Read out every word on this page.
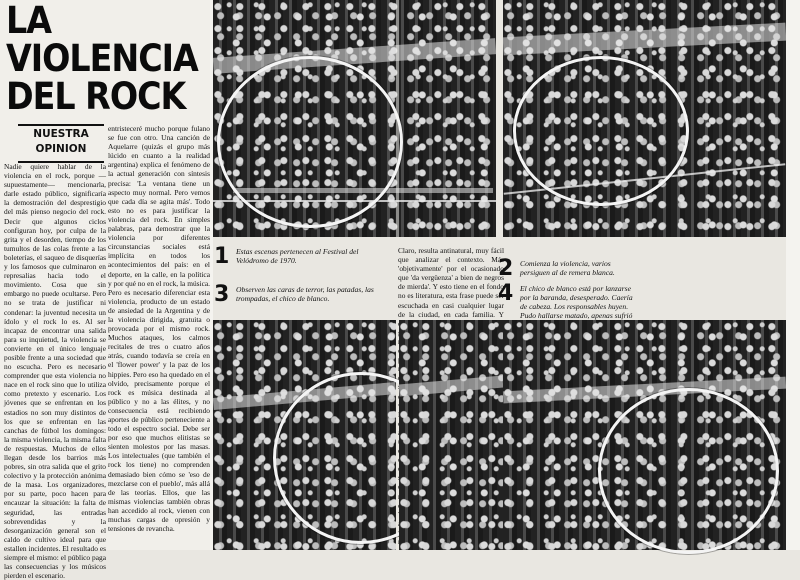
LA VIOLENCIA DEL ROCK
NUESTRA OPINION

Nadie quiere hablar de la violencia en el rock, porque —supuestamente— mencionarla, darle estado público, significaría la demostración del desprestigio del más pienso negocio del rock. Decir que algunos ciclos configuran hoy, por culpa de la grita y el desorden, tiempo de los tumultos de las colas frente a las boleterías, el saqueo de disquerías y los famosos que culminaron en represalias hacia todo el movimiento. Cosa que sin embargo no puede ocultarse. Pero no se trata de justificar ni condenar: la juventud necesita un ídolo y el rock lo es. Al ser incapaz de encontrar una salida para su inquietud, la violencia se convierte en el único lenguaje posible frente a una sociedad que no escucha. Pero es necesario comprender que esta violencia no nace en el rock sino que lo utiliza como pretexto y escenario. Los jóvenes que se enfrentan en los estadios no son muy distintos de los que se enfrentan en las canchas de fútbol los domingos: la misma violencia, la misma falta de respuestas. Muchos de ellos llegan desde los barrios más pobres, sin otra salida que el grito colectivo y la protección anónima de la masa. Los organizadores, por su parte, poco hacen para encauzar la situación: la falta de seguridad, las entradas sobrevendidas y la desorganización general son el caldo de cultivo ideal para que estallen incidentes. El resultado es siempre el mismo: el público paga las consecuencias y los músicos pierden el escenario.

entristeceré mucho porque fulano se fue con otro. Una canción de Aquelarre (quizás el grupo más lúcido en cuanto a la realidad argentina) explica el fenómeno de la actual generación con síntesis precisa: 'La ventana tiene un aspecto muy normal. Pero vemos que cada día se agita más'. Todo esto no es para justificar la violencia del rock. En simples palabras, para demostrar que la violencia por diferentes circunstancias sociales está implícita en todos los acontecimientos del país: en el deporte, en la calle, en la política y por qué no en el rock, la música. Pero es necesario diferenciar esta violencia, producto de un estado de ansiedad de la Argentina y de la violencia dirigida, gratuita o provocada por el mismo rock. Muchos ataques, los calmos recitales de tres o cuatro años atrás, cuando todavía se creía en el 'flower power' y la paz de los hippies. Pero eso ha quedado en el olvido, precisamente porque el rock es música destinada al público y no a las élites, y no consecuencia está recibiendo aportes de público perteneciente a todo el espectro social. Debe ser por eso que muchos elitistas se sienten molestos por las masas. Los intelectuales (que también el rock los tiene) no comprenden demasiado bien cómo se 'eso de mezclarse con el pueblo', más allá de las teorías. Ellos, que las mismas violencias también obras han accedido al rock, vienen con muchas cargas de opresión y tensiones de revancha.

1 Estas escenas pertenecen al Festival del Velódromo de 1970.
3 Observen las caras de terror, las patadas, las trompadas, el chico de blanco.

Claro, resulta antinatural, muy fácil que analizar el contexto. Más 'objetivamente' por el ocasionado que 'da vergüenza' a bien de negros de mierda'. Y esto tiene en el fondo no es literatura, esta frase puede ser escuchada en casi cualquier lugar de la ciudad, en cada familia. Y

2 Comienza la violencia, varios persiguen al de remera blanca.
4 El chico de blanco está por lanzarse por la baranda, desesperado. Caería de cabeza. Los responsables huyen. Pudo hallarse matado, apenas sufrió
